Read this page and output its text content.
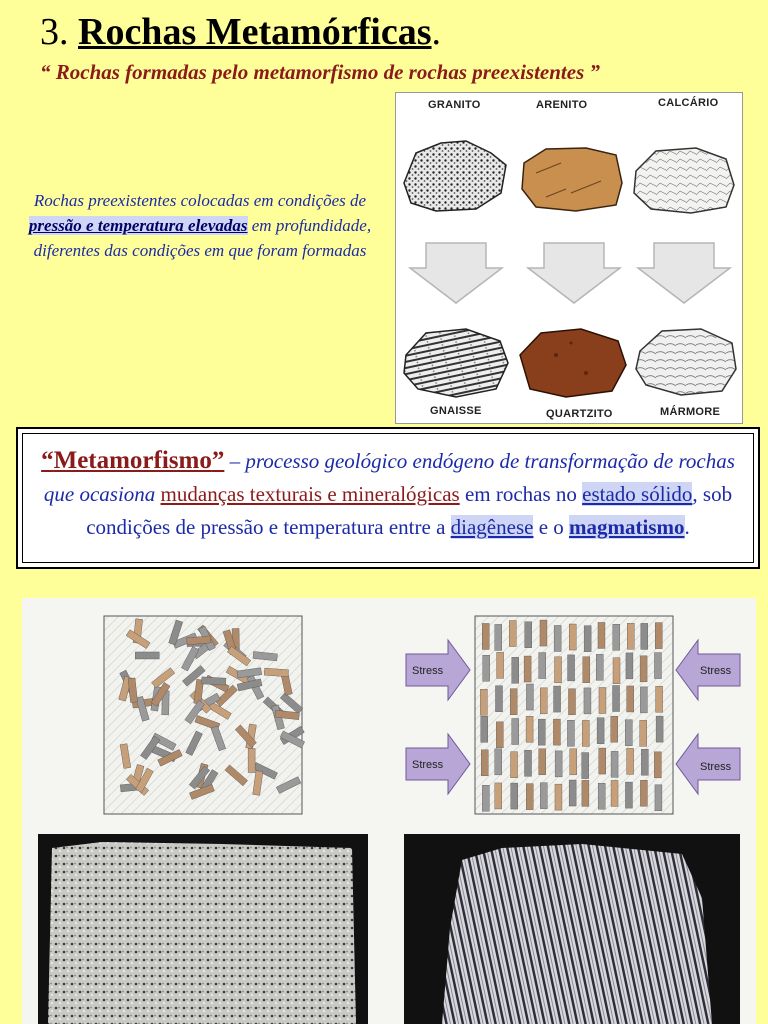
3. Rochas Metamórficas.
“ Rochas formadas pelo metamorfismo de rochas preexistentes ”
Rochas preexistentes colocadas em condições de pressão e temperatura elevadas em profundidade, diferentes das condições em que foram formadas
GRANITO	ARENITO	CALCÁRIO
GNAISSE	QUARTZITO	MÁRMORE
“Metamorfismo” – processo geológico endógeno de transformação de rochas que ocasiona mudanças texturais e mineralógicas em rochas no estado sólido, sob condições de pressão e temperatura entre a diagênese e o magmatismo.
Stress
Stress
Stress
Stress
